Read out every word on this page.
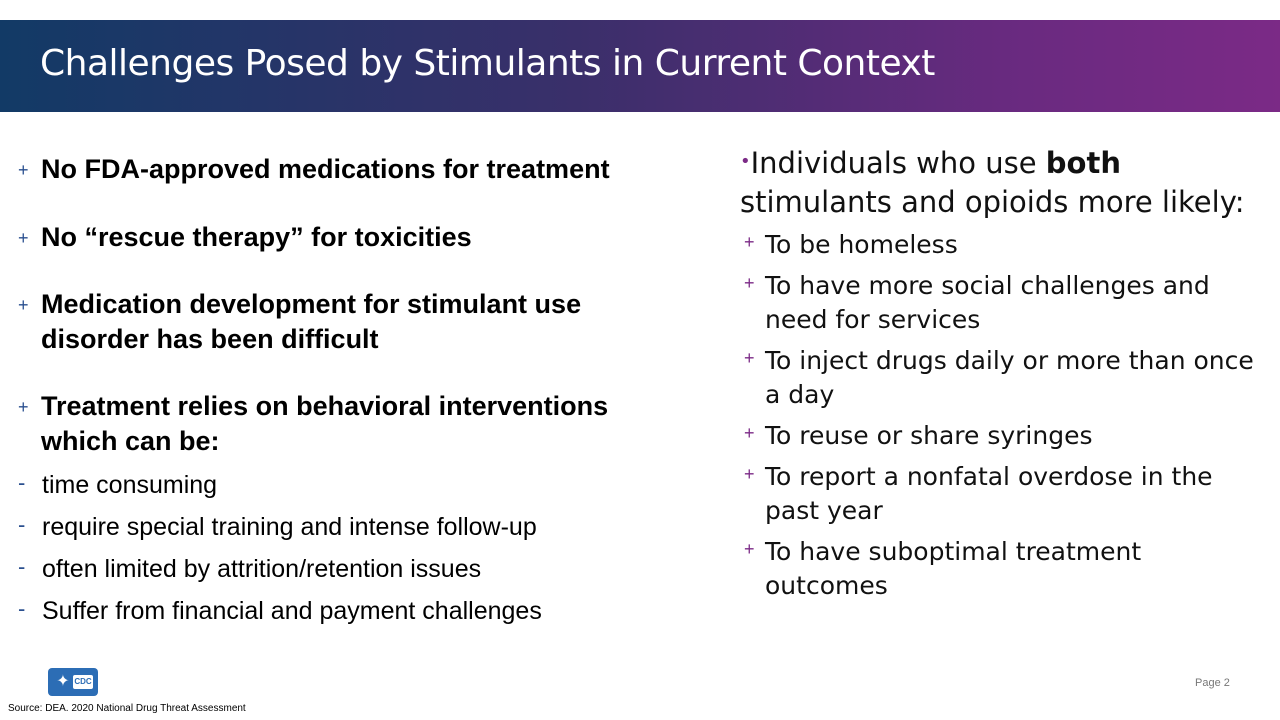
Challenges Posed by Stimulants in Current Context
+ No FDA-approved medications for treatment
+ No “rescue therapy” for toxicities
+ Medication development for stimulant use disorder has been difficult
+ Treatment relies on behavioral interventions which can be:
- time consuming
- require special training and intense follow-up
- often limited by attrition/retention issues
- Suffer from financial and payment challenges
•Individuals who use both stimulants and opioids more likely:
+ To be homeless
+ To have more social challenges and need for services
+ To inject drugs daily or more than once a day
+ To reuse or share syringes
+ To report a nonfatal overdose in the past year
+ To have suboptimal treatment outcomes
✦ CDC
Source: DEA. 2020 National Drug Threat Assessment
Page 2
